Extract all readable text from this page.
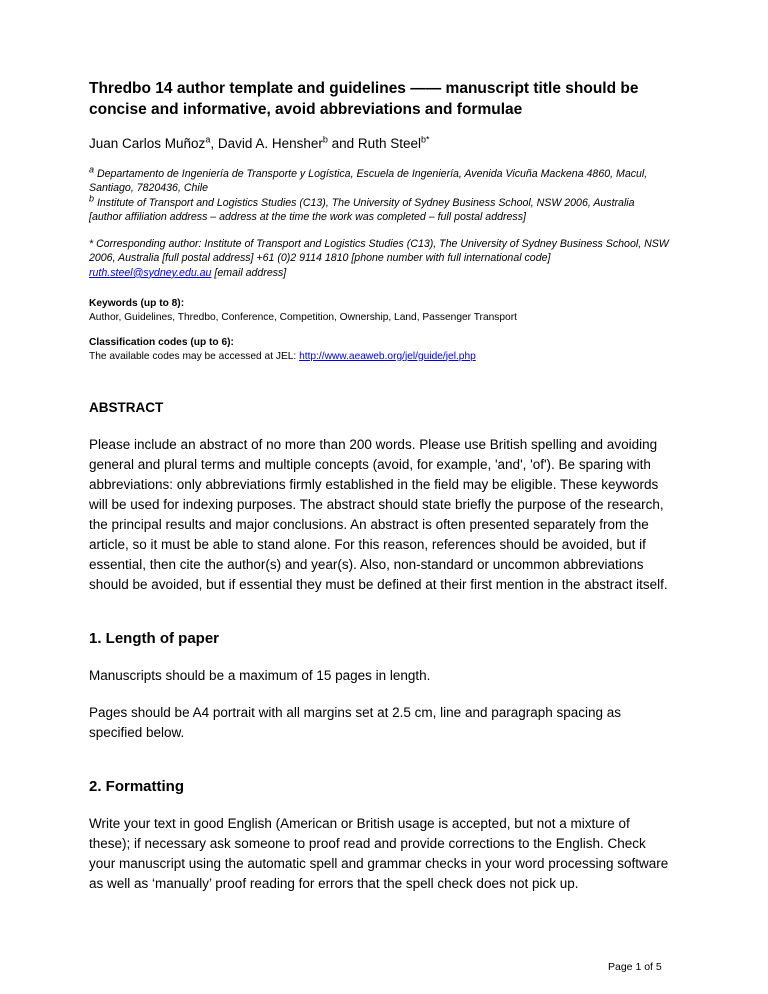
Thredbo 14 author template and guidelines —— manuscript title should be concise and informative, avoid abbreviations and formulae
Juan Carlos Muñoz$^a$, David A. Hensher$^b$ and Ruth Steel$^{b*}$
$^a$ Departamento de Ingeniería de Transporte y Logística, Escuela de Ingeniería, Avenida Vicuña Mackena 4860, Macul, Santiago, 7820436, Chile
$^b$ Institute of Transport and Logistics Studies (C13), The University of Sydney Business School, NSW 2006, Australia
[author affiliation address – address at the time the work was completed – full postal address]
* Corresponding author: Institute of Transport and Logistics Studies (C13), The University of Sydney Business School, NSW 2006, Australia [full postal address] +61 (0)2 9114 1810 [phone number with full international code] ruth.steel@sydney.edu.au [email address]
Keywords (up to 8):
Author, Guidelines, Thredbo, Conference, Competition, Ownership, Land, Passenger Transport
Classification codes (up to 6):
The available codes may be accessed at JEL: http://www.aeaweb.org/jel/guide/jel.php
ABSTRACT

Please include an abstract of no more than 200 words. Please use British spelling and avoiding general and plural terms and multiple concepts (avoid, for example, 'and', 'of'). Be sparing with abbreviations: only abbreviations firmly established in the field may be eligible. These keywords will be used for indexing purposes. The abstract should state briefly the purpose of the research, the principal results and major conclusions. An abstract is often presented separately from the article, so it must be able to stand alone. For this reason, references should be avoided, but if essential, then cite the author(s) and year(s). Also, non-standard or uncommon abbreviations should be avoided, but if essential they must be defined at their first mention in the abstract itself.

1. Length of paper

Manuscripts should be a maximum of 15 pages in length.

Pages should be A4 portrait with all margins set at 2.5 cm, line and paragraph spacing as specified below.

2. Formatting

Write your text in good English (American or British usage is accepted, but not a mixture of these); if necessary ask someone to proof read and provide corrections to the English. Check your manuscript using the automatic spell and grammar checks in your word processing software as well as ‘manually’ proof reading for errors that the spell check does not pick up.

Page 1 of 5
